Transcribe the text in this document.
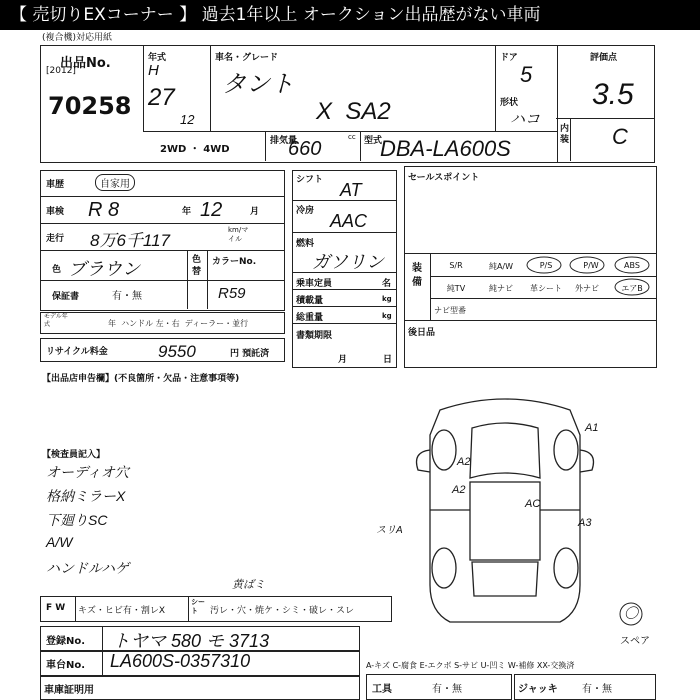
【 売切りEXコーナー 】 過去1年以上 オークション出品歴がない車両
(複合機)対応用紙
出品No.
[2012]
70258
年式
H
27
12
車名・グレード
タント
X  SA2
ドア
5
形状
ハコ
2WD ・ 4WD
排気量
660
cc 型式
DBA-LA600S
評価点
3.5
内装 C
車歴	自家用
車検 R 8	年 12	月
走行 8万6千117
km/マイル
色 ブラウン	色替
カラーNo.
R59
保証書	有・無
モデル年式	年  ハンドル 左・右  ディーラー・並行
リサイクル料金	9550	円 預託済
シフト AT
冷房 AAC
燃料
ガソリン
乗車定員	名
積載量	kg
総重量	kg
書類期限
月	日
セールスポイント
装備
S/R	純A/W	P/S	P/W	ABS
純TV	純ナビ	革シート	外ナビ	エアB
ナビ型番
後日品
【出品店申告欄】(不良箇所・欠品・注意事項等)
【検査員記入】
オーディオ穴
格納ミラーX
下廻りSC
A/W
ハンドルハゲ
A1
A2
A2
AC
A3
スリA
〇
スペア
F W キズ・ヒビ有・割レX
シート	汚レ・穴・焼ケ・シミ・破レ・スレ
黄ばミ
登録No. トヤマ 580 モ 3713
車台No. LA600S-0357310
車庫証明用
A-キズ C-腐食 E-エクボ S-サビ U-凹ミ W-補修 XX-交換済
工具	有・無	ジャッキ 有・無
